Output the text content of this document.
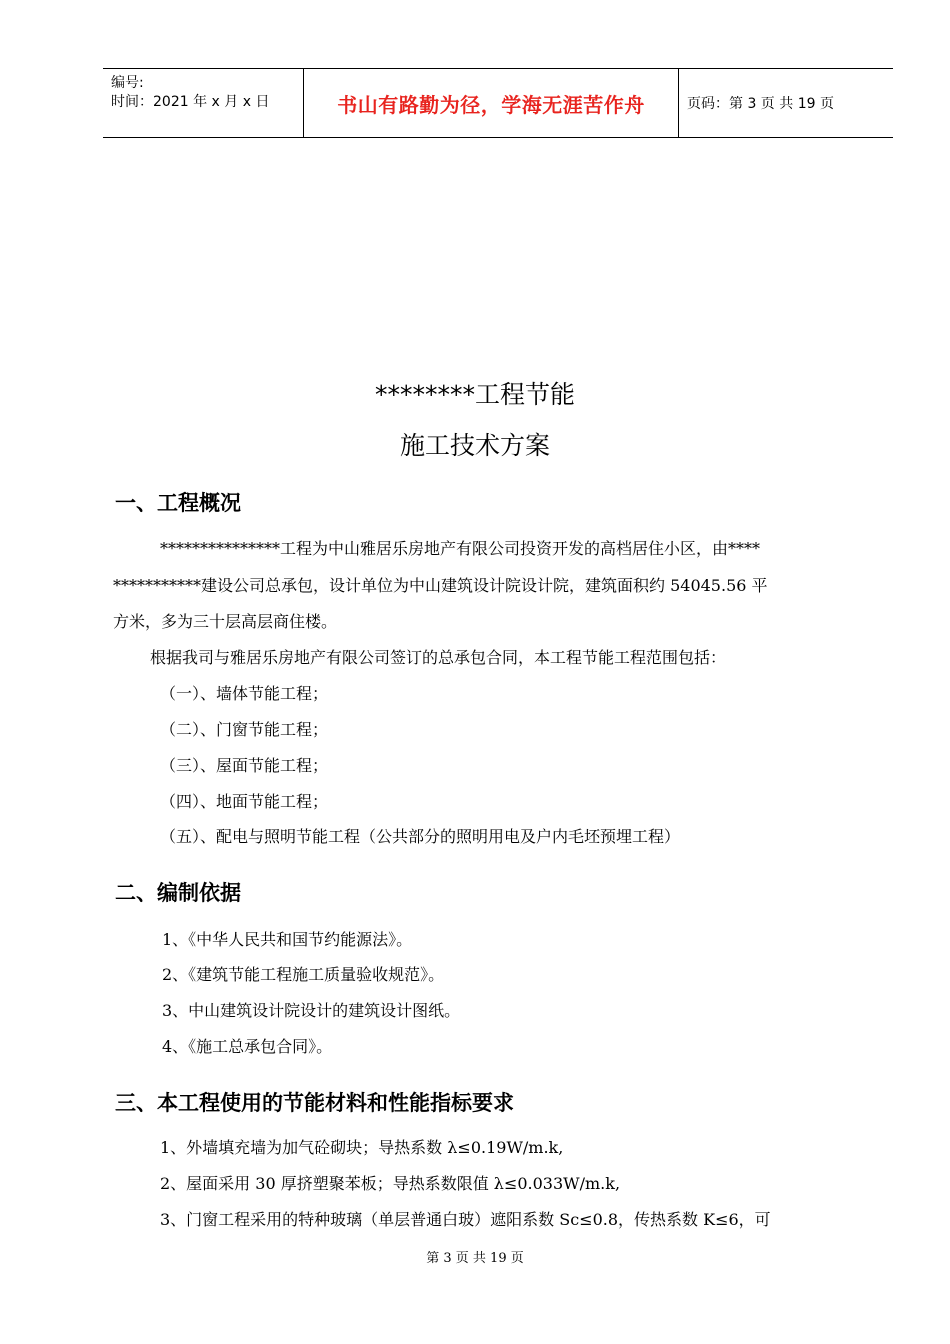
编号:
时间：2021 年 x 月 x 日	书山有路勤为径，学海无涯苦作舟	页码：第 3 页 共 19 页
********工程节能
施工技术方案
一、工程概况
***************工程为中山雅居乐房地产有限公司投资开发的高档居住小区，由****
***********建设公司总承包，设计单位为中山建筑设计院设计院，建筑面积约 54045.56 平
方米，多为三十层高层商住楼。
根据我司与雅居乐房地产有限公司签订的总承包合同，本工程节能工程范围包括：
（一）、墙体节能工程；
（二）、门窗节能工程；
（三）、屋面节能工程；
（四）、地面节能工程；
（五）、配电与照明节能工程（公共部分的照明用电及户内毛坯预埋工程）
二、编制依据
1、《中华人民共和国节约能源法》。
2、《建筑节能工程施工质量验收规范》。
3、中山建筑设计院设计的建筑设计图纸。
4、《施工总承包合同》。
三、本工程使用的节能材料和性能指标要求
1、外墙填充墙为加气砼砌块；导热系数 λ≤0.19W/m.k,
2、屋面采用 30 厚挤塑聚苯板；导热系数限值 λ≤0.033W/m.k,
3、门窗工程采用的特种玻璃（单层普通白玻）遮阳系数 Sc≤0.8，传热系数 K≤6，可
第 3 页 共 19 页
